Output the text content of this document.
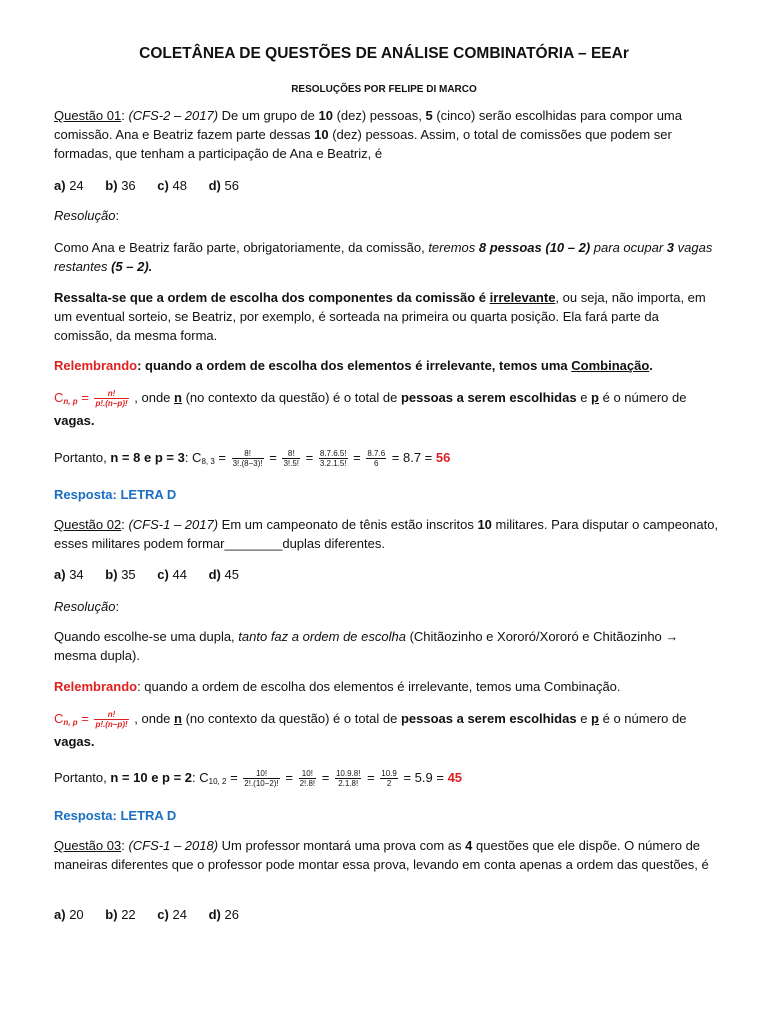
COLETÂNEA DE QUESTÕES DE ANÁLISE COMBINATÓRIA – EEAr

RESOLUÇÕES POR FELIPE DI MARCO

Questão 01: (CFS-2 – 2017) De um grupo de 10 (dez) pessoas, 5 (cinco) serão escolhidas para compor uma comissão. Ana e Beatriz fazem parte dessas 10 (dez) pessoas. Assim, o total de comissões que podem ser formadas, que tenham a participação de Ana e Beatriz, é

a) 24 b) 36 c) 48 d) 56

Resolução:

Como Ana e Beatriz farão parte, obrigatoriamente, da comissão, teremos 8 pessoas (10 – 2) para ocupar 3 vagas restantes (5 – 2).

Ressalta-se que a ordem de escolha dos componentes da comissão é irrelevante, ou seja, não importa, em um eventual sorteio, se Beatriz, por exemplo, é sorteada na primeira ou quarta posição. Ela fará parte da comissão, da mesma forma.

Relembrando: quando a ordem de escolha dos elementos é irrelevante, temos uma Combinação.

$C_{n, p} = \frac{n!}{p!.(n-p)!}$ , onde n (no contexto da questão) é o total de pessoas a serem escolhidas e p é o número de vagas.

Portanto, n = 8 e p = 3: $C_{8, 3} = \frac{8!}{3!.(8-3)!} = \frac{8!}{3!.5!} = \frac{8.7.6.5!}{3.2.1.5!} = \frac{8.7.6}{6} = 8.7 = 56$

Resposta: LETRA D

Questão 02: (CFS-1 – 2017) Em um campeonato de tênis estão inscritos 10 militares. Para disputar o campeonato, esses militares podem formar________duplas diferentes.

a) 34 b) 35 c) 44 d) 45

Resolução:

Quando escolhe-se uma dupla, tanto faz a ordem de escolha (Chitãozinho e Xororó/Xororó e Chitãozinho → mesma dupla).

Relembrando: quando a ordem de escolha dos elementos é irrelevante, temos uma Combinação.

$C_{n, p} = \frac{n!}{p!.(n-p)!}$ , onde n (no contexto da questão) é o total de pessoas a serem escolhidas e p é o número de vagas.

Portanto, n = 10 e p = 2: $C_{10, 2} = \frac{10!}{2!.(10-2)!} = \frac{10!}{2!.8!} = \frac{10.9.8!}{2.1.8!} = \frac{10.9}{2} = 5.9 = 45$

Resposta: LETRA D

Questão 03: (CFS-1 – 2018) Um professor montará uma prova com as 4 questões que ele dispõe. O número de maneiras diferentes que o professor pode montar essa prova, levando em conta apenas a ordem das questões, é

a) 20 b) 22 c) 24 d) 26
